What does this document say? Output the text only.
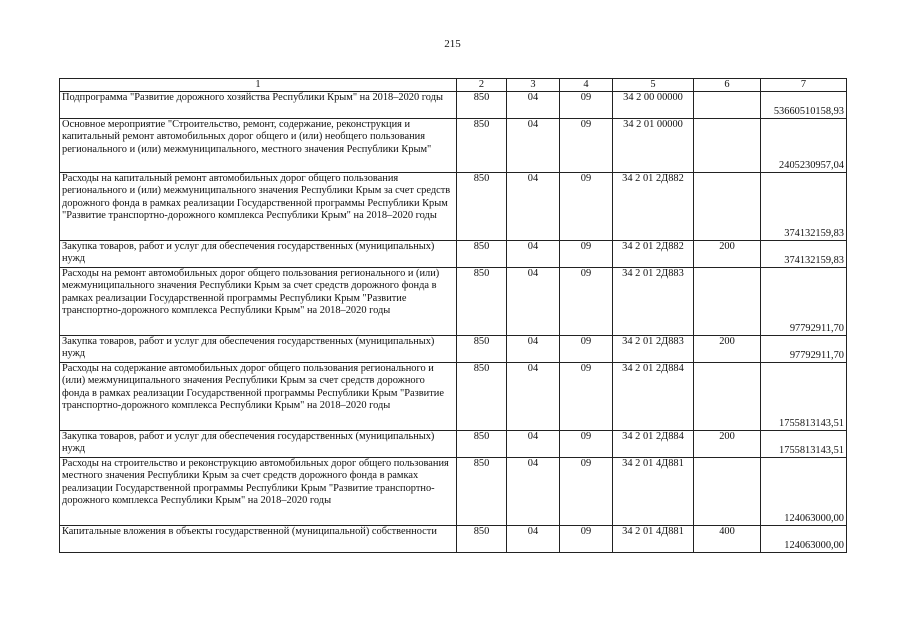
215
1	2	3	4	5	6	7
Подпрограмма "Развитие дорожного хозяйства Республики Крым" на 2018–2020 годы	850	04	09	34 2 00 00000		53660510158,93
Основное мероприятие "Строительство, ремонт, содержание, реконструкция и капитальный ремонт автомобильных дорог общего и (или) необщего пользования регионального и (или) межмуниципального, местного значения Республики Крым"	850	04	09	34 2 01 00000		2405230957,04
Расходы на капитальный ремонт автомобильных дорог общего пользования регионального и (или) межмуниципального значения Республики Крым за счет средств дорожного фонда в рамках реализации Государственной программы Республики Крым "Развитие транспортно-дорожного комплекса Республики Крым" на 2018–2020 годы	850	04	09	34 2 01 2Д882		374132159,83
Закупка товаров, работ и услуг для обеспечения государственных (муниципальных) нужд	850	04	09	34 2 01 2Д882	200	374132159,83
Расходы на ремонт автомобильных дорог общего пользования регионального и (или) межмуниципального значения Республики Крым за счет средств дорожного фонда в рамках реализации Государственной программы Республики Крым "Развитие транспортно-дорожного комплекса Республики Крым" на 2018–2020 годы	850	04	09	34 2 01 2Д883		97792911,70
Закупка товаров, работ и услуг для обеспечения государственных (муниципальных) нужд	850	04	09	34 2 01 2Д883	200	97792911,70
Расходы на содержание автомобильных дорог общего пользования регионального и (или) межмуниципального значения Республики Крым за счет средств дорожного фонда в рамках реализации Государственной программы Республики Крым "Развитие транспортно-дорожного комплекса Республики Крым" на 2018–2020 годы	850	04	09	34 2 01 2Д884		1755813143,51
Закупка товаров, работ и услуг для обеспечения государственных (муниципальных) нужд	850	04	09	34 2 01 2Д884	200	1755813143,51
Расходы на строительство и реконструкцию автомобильных дорог общего пользования местного значения Республики Крым за счет средств дорожного фонда в рамках реализации Государственной программы Республики Крым "Развитие транспортно-дорожного комплекса Республики Крым" на 2018–2020 годы	850	04	09	34 2 01 4Д881		124063000,00
Капитальные вложения в объекты государственной (муниципальной) собственности	850	04	09	34 2 01 4Д881	400	124063000,00
